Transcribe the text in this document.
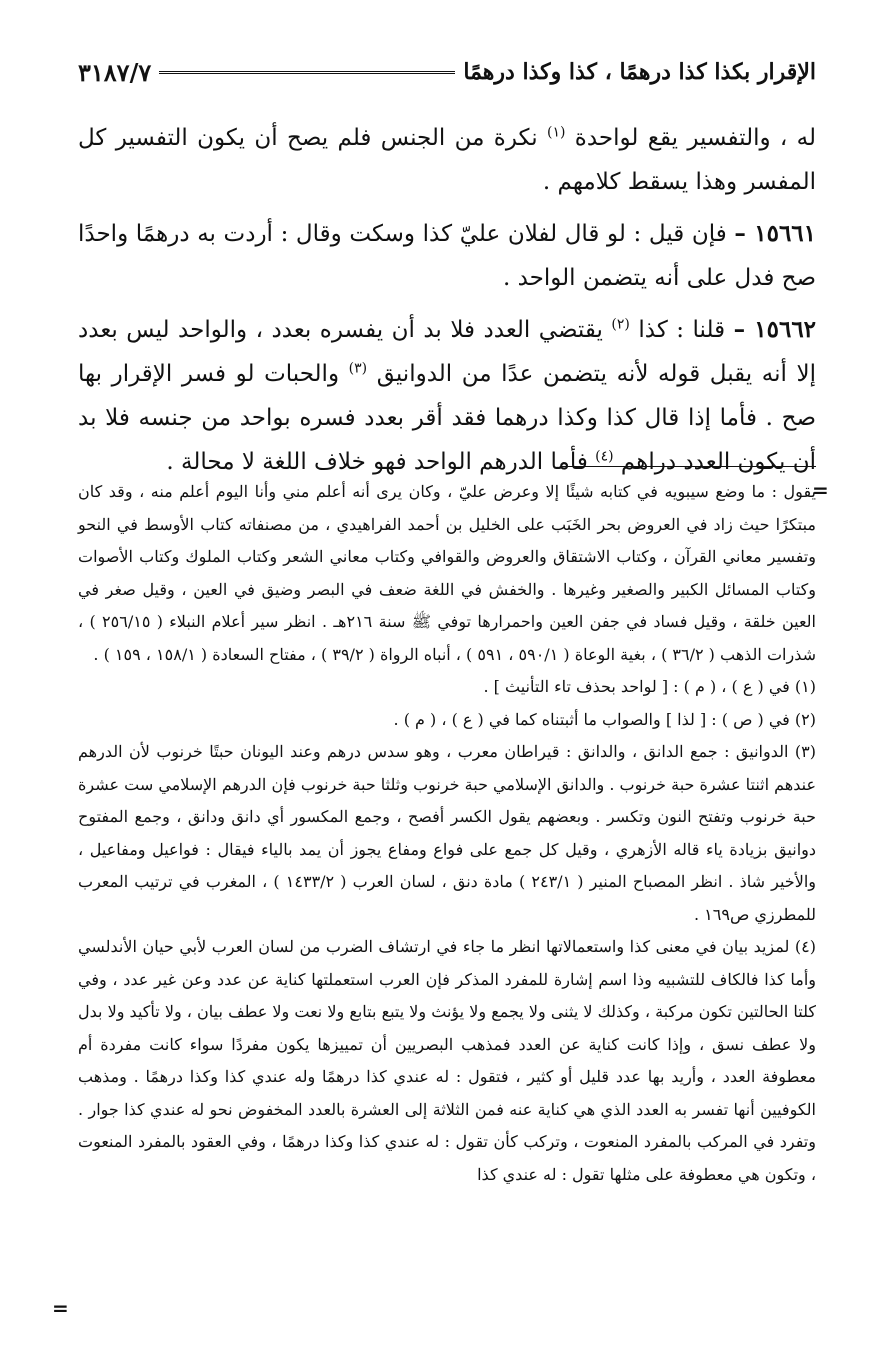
الإقرار بكذا كذا درهمًا ، كذا وكذا درهمًا
٣١٨٧/٧

له ، والتفسير يقع لواحدة $^{(١)}$ نكرة من الجنس فلم يصح أن يكون التفسير كل المفسر وهذا يسقط كلامهم .

١٥٦٦١ – فإن قيل : لو قال لفلان عليّ كذا وسكت وقال : أردت به درهمًا واحدًا صح فدل على أنه يتضمن الواحد .

١٥٦٦٢ – قلنا : كذا $^{(٢)}$ يقتضي العدد فلا بد أن يفسره بعدد ، والواحد ليس بعدد إلا أنه يقبل قوله لأنه يتضمن عدًا من الدوانيق $^{(٣)}$ والحبات لو فسر الإقرار بها صح . فأما إذا قال كذا وكذا درهما فقد أقر بعدد فسره بواحد من جنسه فلا بد أن يكون العدد دراهم $^{(٤)}$ فأما الدرهم الواحد فهو خلاف اللغة لا محالة .

=

يقول : ما وضع سيبويه في كتابه شيئًا إلا وعرض عليّ ، وكان يرى أنه أعلم مني وأنا اليوم أعلم منه ، وقد كان مبتكرًا حيث زاد في العروض بحر الخَبَب على الخليل بن أحمد الفراهيدي ، من مصنفاته كتاب الأوسط في النحو وتفسير معاني القرآن ، وكتاب الاشتقاق والعروض والقوافي وكتاب معاني الشعر وكتاب الملوك وكتاب الأصوات وكتاب المسائل الكبير والصغير وغيرها . والخفش في اللغة ضعف في البصر وضيق في العين ، وقيل صغر في العين خلقة ، وقيل فساد في جفن العين واحمرارها توفي ﷺ سنة ٢١٦هـ . انظر سير أعلام النبلاء ( ٢٥٦/١٥ ) ، شذرات الذهب ( ٣٦/٢ ) ، بغية الوعاة ( ٥٩٠/١ ، ٥٩١ ) ، أنباه الرواة ( ٣٩/٢ ) ، مفتاح السعادة ( ١٥٨/١ ، ١٥٩ ) .

(١) في ( ع ) ، ( م ) : [ لواحد بحذف تاء التأنيث ] .

(٢) في ( ص ) : [ لذا ] والصواب ما أثبتناه كما في ( ع ) ، ( م ) .

(٣) الدوانيق : جمع الدانق ، والدانق : قيراطان معرب ، وهو سدس درهم وعند اليونان حبتًا خرنوب لأن الدرهم عندهم اثنتا عشرة حبة خرنوب . والدانق الإسلامي حبة خرنوب وثلثا حبة خرنوب فإن الدرهم الإسلامي ست عشرة حبة خرنوب وتفتح النون وتكسر . وبعضهم يقول الكسر أفصح ، وجمع المكسور أي دانق ودانق ، وجمع المفتوح دوانيق بزيادة ياء قاله الأزهري ، وقيل كل جمع على فواع ومفاع يجوز أن يمد بالياء فيقال : فواعيل ومفاعيل ، والأخير شاذ . انظر المصباح المنير ( ٢٤٣/١ ) مادة دنق ، لسان العرب ( ١٤٣٣/٢ ) ، المغرب في ترتيب المعرب للمطرزي ص١٦٩ .

(٤) لمزيد بيان في معنى كذا واستعمالاتها انظر ما جاء في ارتشاف الضرب من لسان العرب لأبي حيان الأندلسي وأما كذا فالكاف للتشبيه وذا اسم إشارة للمفرد المذكر فإن العرب استعملتها كناية عن عدد وعن غير عدد ، وفي كلتا الحالتين تكون مركبة ، وكذلك لا يثنى ولا يجمع ولا يؤنث ولا يتبع بتابع ولا نعت ولا عطف بيان ، ولا تأكيد ولا بدل ولا عطف نسق ، وإذا كانت كناية عن العدد فمذهب البصريين أن تمييزها يكون مفردًا سواء كانت مفردة أم معطوفة العدد ، وأريد بها عدد قليل أو كثير ، فتقول : له عندي كذا درهمًا وله عندي كذا وكذا درهمًا . ومذهب الكوفيين أنها تفسر به العدد الذي هي كناية عنه فمن الثلاثة إلى العشرة بالعدد المخفوض نحو له عندي كذا جوار . وتفرد في المركب بالمفرد المنعوت ، وتركب كأن تقول : له عندي كذا وكذا درهمًا ، وفي العقود بالمفرد المنعوت ، وتكون هي معطوفة على مثلها تقول : له عندي كذا

=
